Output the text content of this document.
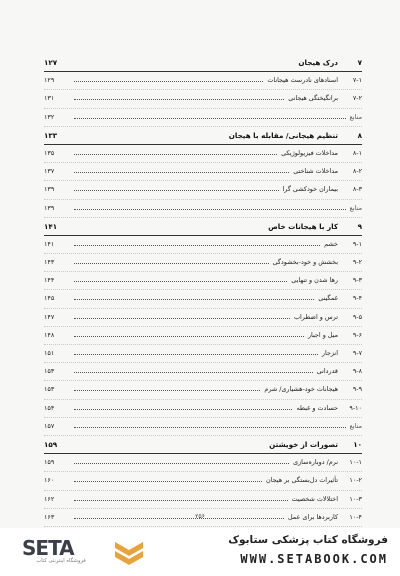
۷
درک هیجان
۱۲۷
۷-۱
اسنادهای نادرست هیجانات
۱۲۹
۷-۲
برانگیختگی هیجانی
۱۳۱
منابع
۱۳۲
۸
تنظیم هیجانی/ مقابله با هیجان
۱۳۳
۸-۱
مداخلات فیزیولوژیکی
۱۳۵
۸-۲
مداخلات شناختی
۱۳۷
۸-۳
بیماران خودکشی گرا
۱۳۹
منابع
۱۳۹
۹
کار با هیجانات خاص
۱۴۱
۹-۱
خشم
۱۴۱
۹-۲
بخشش و خود-بخشودگی
۱۴۳
۹-۳
رها شدن و تنهایی
۱۴۴
۹-۴
غمگینی
۱۴۵
۹-۵
ترس و اضطراب
۱۴۷
۹-۶
میل و اجبار
۱۴۸
۹-۷
انزجار
۱۵۱
۹-۸
قدردانی
۱۵۳
۹-۹
هیجانات خود-هشیاری/ شرم
۱۵۳
۹-۱۰
حسادت و غبطه
۱۵۴
منابع
۱۵۷
۱۰
تصورات از خویشتن
۱۵۹
۱۰-۱
نرم/ دوباره‌سازی
۱۵۹
۱۰-۲
تأثیرات دل‌بستگی بر هیجان
۱۶۰
۱۰-۳
اختلالات شخصیت
۱۶۲
۱۰-۴
کاربردها برای عمل
۱۶۳	۲۵۶
SETA
فروشگاه اینترنتی کتاب
فروشگاه کتاب پزشکی ستابوک
WWW.SETABOOK.COM
